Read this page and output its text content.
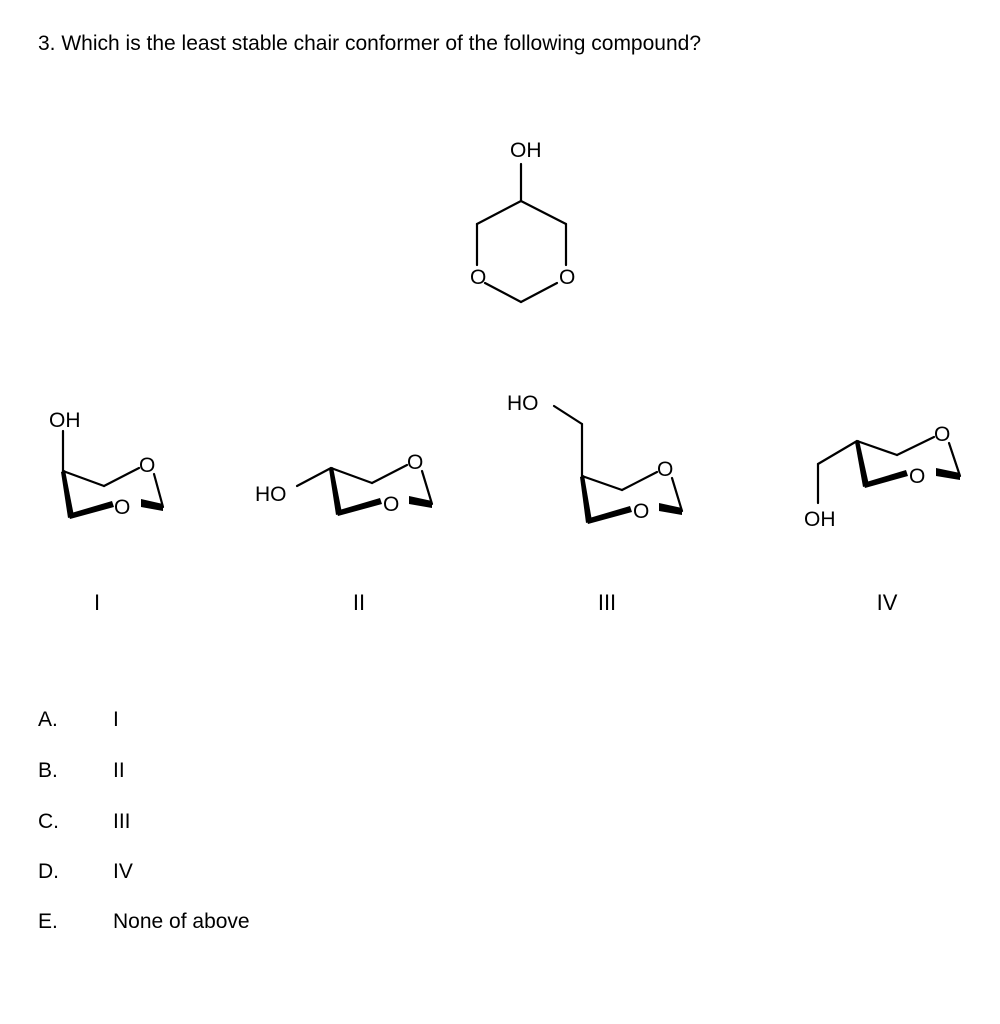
3. Which is the least stable chair conformer of the following compound?
OH
O	O
OH
O
O
HO
O
O
HO
O
O	OH
O
O
I	II	III	IV
A.	I
B.	II
C.	III
D.	IV
E.	None of above
